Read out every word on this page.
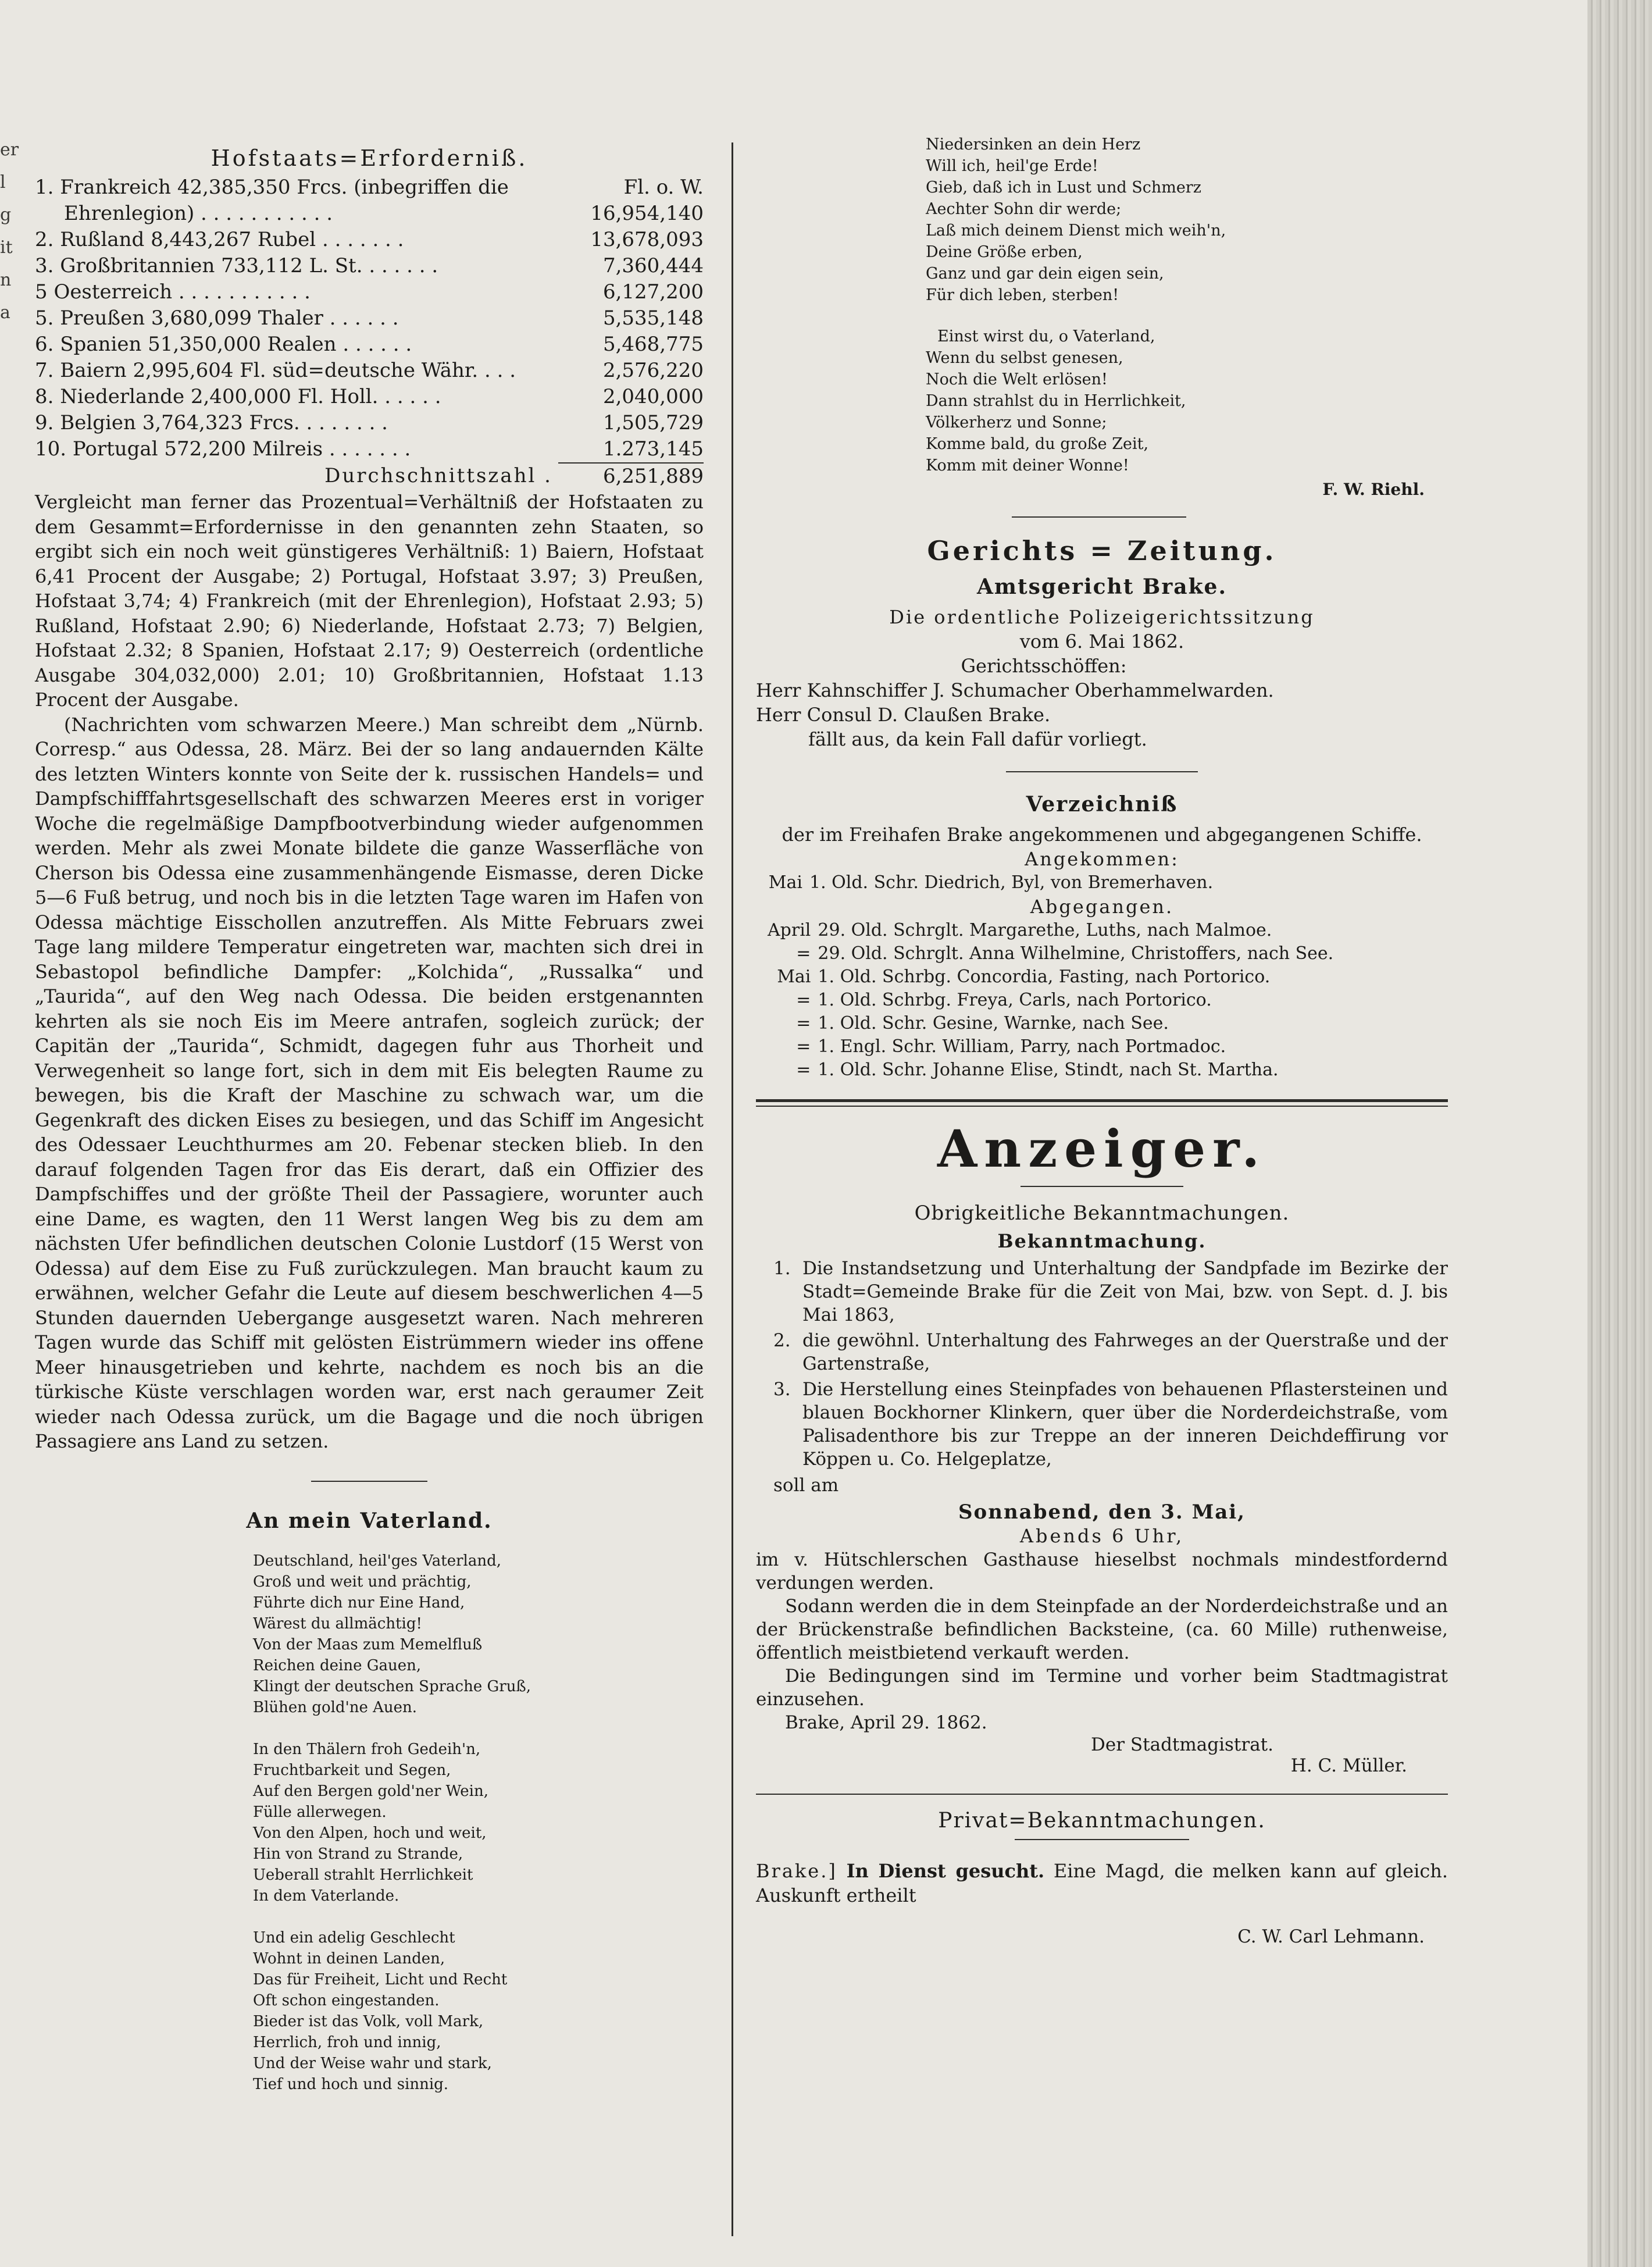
er
l
g
it
n
a
Hofstaats=Erforderniß.
1. Frankreich 42,385,350 Frcs. (inbegriffen die	Fl. o. W.
Ehrenlegion) . . . . . . . . . . .	16,954,140
2. Rußland 8,443,267 Rubel . . . . . . .	13,678,093
3. Großbritannien 733,112 L. St. . . . . . .	7,360,444
5 Oesterreich . . . . . . . . . . .	6,127,200
5. Preußen 3,680,099 Thaler . . . . . .	5,535,148
6. Spanien 51,350,000 Realen . . . . . .	5,468,775
7. Baiern 2,995,604 Fl. süd=deutsche Währ. . . .	2,576,220
8. Niederlande 2,400,000 Fl. Holl. . . . . .	2,040,000
9. Belgien 3,764,323 Frcs. . . . . . . .	1,505,729
10. Portugal 572,200 Milreis . . . . . . .	1.273,145
Durchschnittszahl .	6,251,889

Vergleicht man ferner das Prozentual=Verhältniß der Hofstaaten zu dem Gesammt=Erfordernisse in den genannten zehn Staaten, so ergibt sich ein noch weit günstigeres Verhältniß: 1) Baiern, Hofstaat 6,41 Procent der Ausgabe; 2) Portugal, Hofstaat 3.97; 3) Preußen, Hofstaat 3,74; 4) Frankreich (mit der Ehrenlegion), Hofstaat 2.93; 5) Rußland, Hofstaat 2.90; 6) Niederlande, Hofstaat 2.73; 7) Belgien, Hofstaat 2.32; 8 Spanien, Hofstaat 2.17; 9) Oesterreich (ordentliche Ausgabe 304,032,000) 2.01; 10) Großbritannien, Hofstaat 1.13 Procent der Ausgabe.

(Nachrichten vom schwarzen Meere.) Man schreibt dem „Nürnb. Corresp.“ aus Odessa, 28. März. Bei der so lang andauernden Kälte des letzten Winters konnte von Seite der k. russischen Handels= und Dampfschifffahrtsgesellschaft des schwarzen Meeres erst in voriger Woche die regelmäßige Dampfbootverbindung wieder aufgenommen werden. Mehr als zwei Monate bildete die ganze Wasserfläche von Cherson bis Odessa eine zusammenhängende Eismasse, deren Dicke 5—6 Fuß betrug, und noch bis in die letzten Tage waren im Hafen von Odessa mächtige Eisschollen anzutreffen. Als Mitte Februars zwei Tage lang mildere Temperatur eingetreten war, machten sich drei in Sebastopol befindliche Dampfer: „Kolchida“, „Russalka“ und „Taurida“, auf den Weg nach Odessa. Die beiden erstgenannten kehrten als sie noch Eis im Meere antrafen, sogleich zurück; der Capitän der „Taurida“, Schmidt, dagegen fuhr aus Thorheit und Verwegenheit so lange fort, sich in dem mit Eis belegten Raume zu bewegen, bis die Kraft der Maschine zu schwach war, um die Gegenkraft des dicken Eises zu besiegen, und das Schiff im Angesicht des Odessaer Leuchthurmes am 20. Febenar stecken blieb. In den darauf folgenden Tagen fror das Eis derart, daß ein Offizier des Dampfschiffes und der größte Theil der Passagiere, worunter auch eine Dame, es wagten, den 11 Werst langen Weg bis zu dem am nächsten Ufer befindlichen deutschen Colonie Lustdorf (15 Werst von Odessa) auf dem Eise zu Fuß zurückzulegen. Man braucht kaum zu erwähnen, welcher Gefahr die Leute auf diesem beschwerlichen 4—5 Stunden dauernden Uebergange ausgesetzt waren. Nach mehreren Tagen wurde das Schiff mit gelösten Eistrümmern wieder ins offene Meer hinausgetrieben und kehrte, nachdem es noch bis an die türkische Küste verschlagen worden war, erst nach geraumer Zeit wieder nach Odessa zurück, um die Bagage und die noch übrigen Passagiere ans Land zu setzen.

An mein Vaterland.
Deutschland, heil'ges Vaterland,
Groß und weit und prächtig,
Führte dich nur Eine Hand,
Wärest du allmächtig!
Von der Maas zum Memelfluß
Reichen deine Gauen,
Klingt der deutschen Sprache Gruß,
Blühen gold'ne Auen.
In den Thälern froh Gedeih'n,
Fruchtbarkeit und Segen,
Auf den Bergen gold'ner Wein,
Fülle allerwegen.
Von den Alpen, hoch und weit,
Hin von Strand zu Strande,
Ueberall strahlt Herrlichkeit
In dem Vaterlande.
Und ein adelig Geschlecht
Wohnt in deinen Landen,
Das für Freiheit, Licht und Recht
Oft schon eingestanden.
Bieder ist das Volk, voll Mark,
Herrlich, froh und innig,
Und der Weise wahr und stark,
Tief und hoch und sinnig.
Niedersinken an dein Herz
Will ich, heil'ge Erde!
Gieb, daß ich in Lust und Schmerz
Aechter Sohn dir werde;
Laß mich deinem Dienst mich weih'n,
Deine Größe erben,
Ganz und gar dein eigen sein,
Für dich leben, sterben!
Einst wirst du, o Vaterland,
Wenn du selbst genesen,
Noch die Welt erlösen!
Dann strahlst du in Herrlichkeit,
Völkerherz und Sonne;
Komme bald, du große Zeit,
Komm mit deiner Wonne!
F. W. Riehl.
Gerichts = Zeitung.
Amtsgericht Brake.
Die ordentliche Polizeigerichtssitzung
vom 6. Mai 1862.
Gerichtsschöffen:
Herr Kahnschiffer J. Schumacher Oberhammelwarden.
Herr Consul D. Claußen Brake.
fällt aus, da kein Fall dafür vorliegt.
Verzeichniß
der im Freihafen Brake angekommenen und abgegangenen Schiffe.
Angekommen:
Mai	1. Old. Schr. Diedrich, Byl, von Bremerhaven.
Abgegangen.
April	29. Old. Schrglt. Margarethe, Luths, nach Malmoe.
=	29. Old. Schrglt. Anna Wilhelmine, Christoffers, nach See.
Mai	1. Old. Schrbg. Concordia, Fasting, nach Portorico.
=	1. Old. Schrbg. Freya, Carls, nach Portorico.
=	1. Old. Schr. Gesine, Warnke, nach See.
=	1. Engl. Schr. William, Parry, nach Portmadoc.
=	1. Old. Schr. Johanne Elise, Stindt, nach St. Martha.
Anzeiger.
Obrigkeitliche Bekanntmachungen.
Bekanntmachung.
1. Die Instandsetzung und Unterhaltung der Sandpfade im Bezirke der Stadt=Gemeinde Brake für die Zeit von Mai, bzw. von Sept. d. J. bis Mai 1863,
2. die gewöhnl. Unterhaltung des Fahrweges an der Querstraße und der Gartenstraße,
3. Die Herstellung eines Steinpfades von behauenen Pflastersteinen und blauen Bockhorner Klinkern, quer über die Norderdeichstraße, vom Palisadenthore bis zur Treppe an der inneren Deichdeffirung vor Köppen u. Co. Helgeplatze,
soll am
Sonnabend, den 3. Mai,
Abends 6 Uhr,

im v. Hütschlerschen Gasthause hieselbst nochmals mindestfordernd verdungen werden.

Sodann werden die in dem Steinpfade an der Norderdeichstraße und an der Brückenstraße befindlichen Backsteine, (ca. 60 Mille) ruthenweise, öffentlich meistbietend verkauft werden.

Die Bedingungen sind im Termine und vorher beim Stadtmagistrat einzusehen.

Brake, April 29. 1862.
Der Stadtmagistrat.
H. C. Müller.
Privat=Bekanntmachungen.

Brake.] In Dienst gesucht. Eine Magd, die melken kann auf gleich. Auskunft ertheilt

C. W. Carl Lehmann.
